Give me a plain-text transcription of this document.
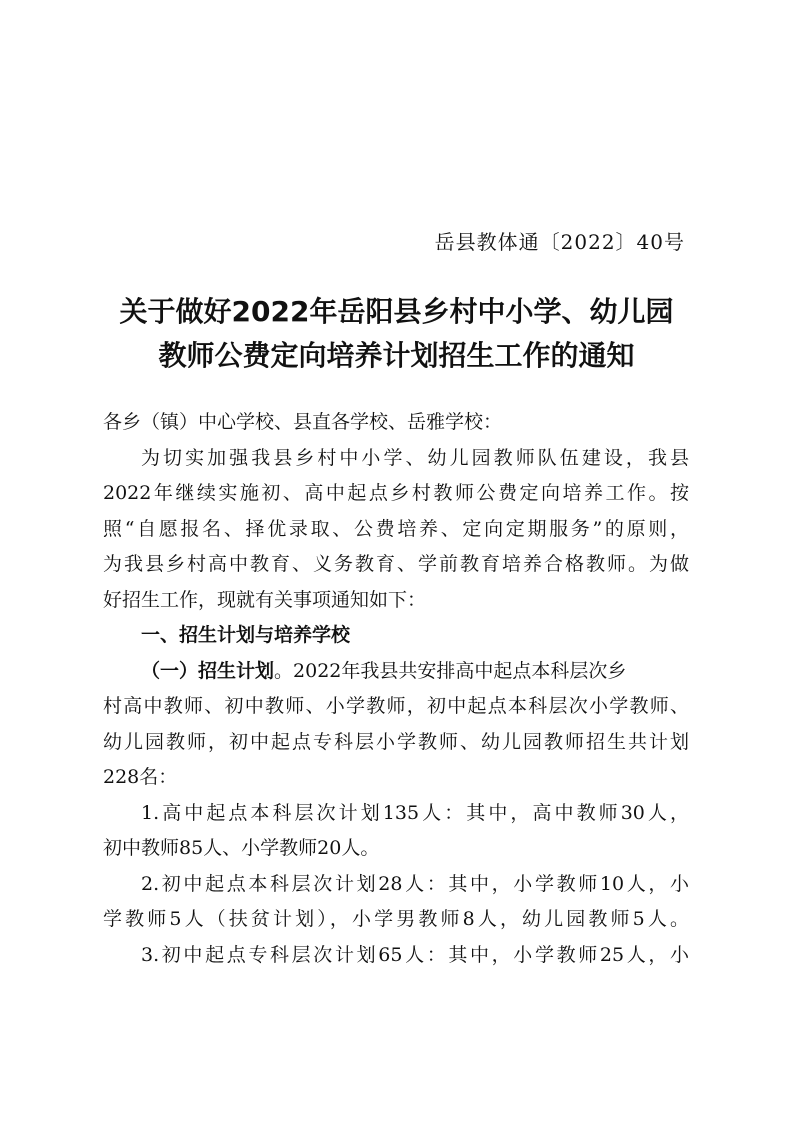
岳县教体通〔2022〕40号
关于做好2022年岳阳县乡村中小学、幼儿园
教师公费定向培养计划招生工作的通知
各乡（镇）中心学校、县直各学校、岳雅学校：
为切实加强我县乡村中小学、幼儿园教师队伍建设，我县
2022年继续实施初、高中起点乡村教师公费定向培养工作。按
照“自愿报名、择优录取、公费培养、定向定期服务”的原则，
为我县乡村高中教育、义务教育、学前教育培养合格教师。为做
好招生工作，现就有关事项通知如下：
一、招生计划与培养学校
（一）招生计划。2022年我县共安排高中起点本科层次乡
村高中教师、初中教师、小学教师，初中起点本科层次小学教师、
幼儿园教师，初中起点专科层小学教师、幼儿园教师招生共计划
228名：
1.高中起点本科层次计划135人：其中，高中教师30人，
初中教师85人、小学教师20人。
2.初中起点本科层次计划28人：其中，小学教师10人，小
学教师5人（扶贫计划），小学男教师8人，幼儿园教师5人。
3.初中起点专科层次计划65人：其中，小学教师25人，小
